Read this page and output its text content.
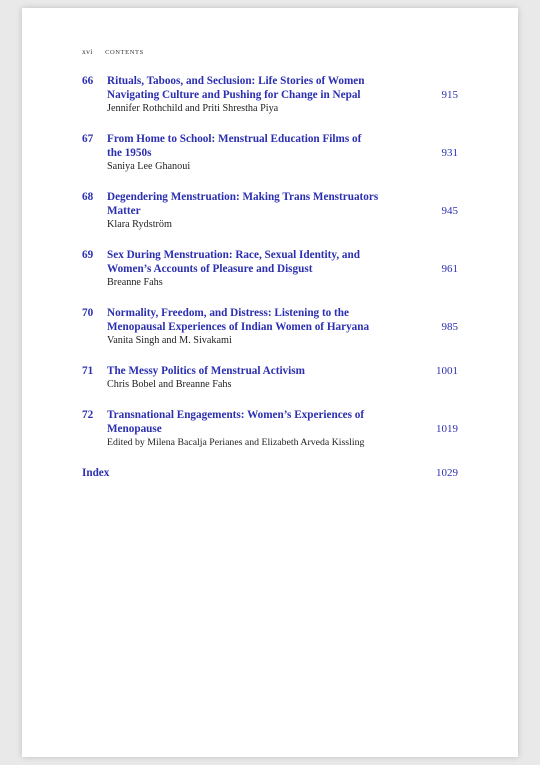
xvi CONTENTS
66 Rituals, Taboos, and Seclusion: Life Stories of Women Navigating Culture and Pushing for Change in Nepal
Jennifer Rothchild and Priti Shrestha Piya
915
67 From Home to School: Menstrual Education Films of the 1950s
Saniya Lee Ghanoui
931
68 Degendering Menstruation: Making Trans Menstruators Matter
Klara Rydström
945
69 Sex During Menstruation: Race, Sexual Identity, and Women’s Accounts of Pleasure and Disgust
Breanne Fahs
961
70 Normality, Freedom, and Distress: Listening to the Menopausal Experiences of Indian Women of Haryana
Vanita Singh and M. Sivakami
985
71 The Messy Politics of Menstrual Activism
Chris Bobel and Breanne Fahs
1001
72 Transnational Engagements: Women’s Experiences of Menopause
Edited by Milena Bacalja Perianes and Elizabeth Arveda Kissling
1019
Index	1029
